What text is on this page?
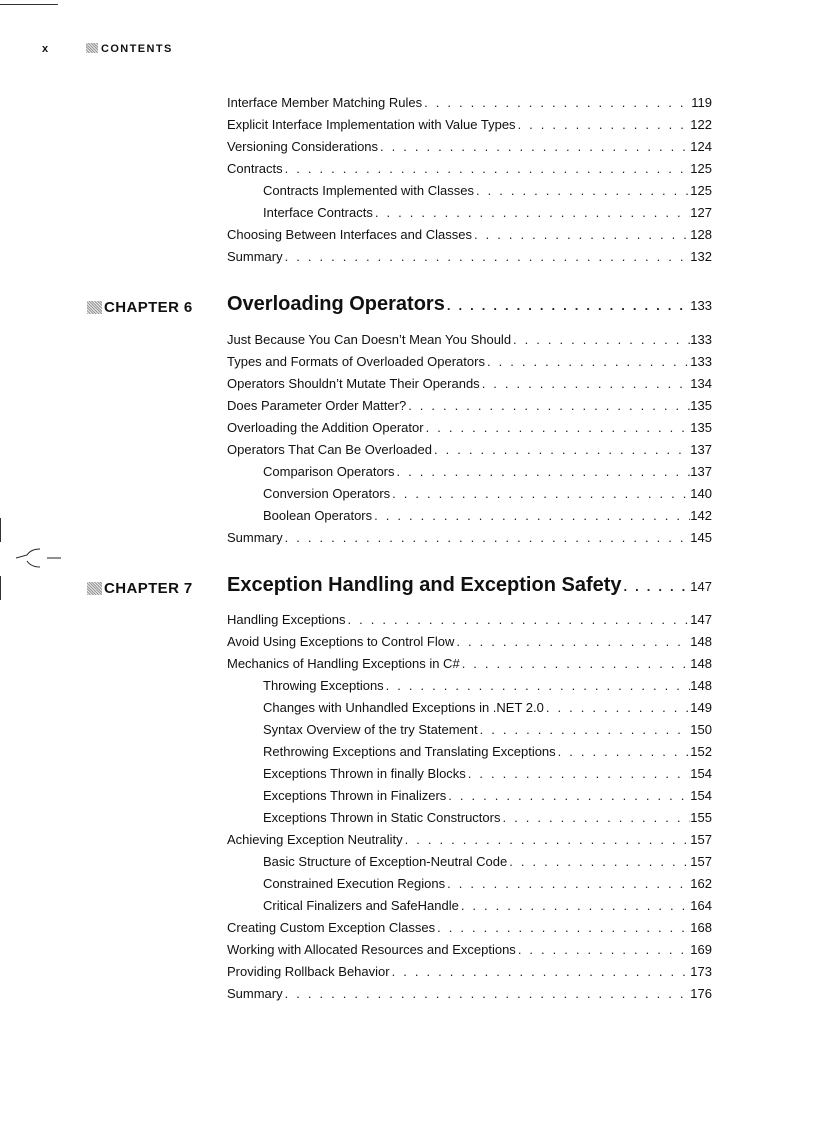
x	CONTENTS
Interface Member Matching Rules . . .	119
Explicit Interface Implementation with Value Types . . .	122
Versioning Considerations . . .	124
Contracts . . .	125
Contracts Implemented with Classes . . .	125
Interface Contracts . . .	127
Choosing Between Interfaces and Classes . . .	128
Summary . . .	132
CHAPTER 6 Overloading Operators . . .	133
Just Because You Can Doesn’t Mean You Should . . .	133
Types and Formats of Overloaded Operators . . .	133
Operators Shouldn’t Mutate Their Operands . . .	134
Does Parameter Order Matter? . . .	135
Overloading the Addition Operator . . .	135
Operators That Can Be Overloaded . . .	137
Comparison Operators . . .	137
Conversion Operators . . .	140
Boolean Operators . . .	142
Summary . . .	145
CHAPTER 7 Exception Handling and Exception Safety . . .	147
Handling Exceptions . . .	147
Avoid Using Exceptions to Control Flow . . .	148
Mechanics of Handling Exceptions in C# . . .	148
Throwing Exceptions . . .	148
Changes with Unhandled Exceptions in .NET 2.0 . . .	149
Syntax Overview of the try Statement . . .	150
Rethrowing Exceptions and Translating Exceptions . . .	152
Exceptions Thrown in finally Blocks . . .	154
Exceptions Thrown in Finalizers . . .	154
Exceptions Thrown in Static Constructors . . .	155
Achieving Exception Neutrality . . .	157
Basic Structure of Exception-Neutral Code . . .	157
Constrained Execution Regions . . .	162
Critical Finalizers and SafeHandle . . .	164
Creating Custom Exception Classes . . .	168
Working with Allocated Resources and Exceptions . . .	169
Providing Rollback Behavior . . .	173
Summary . . .	176
